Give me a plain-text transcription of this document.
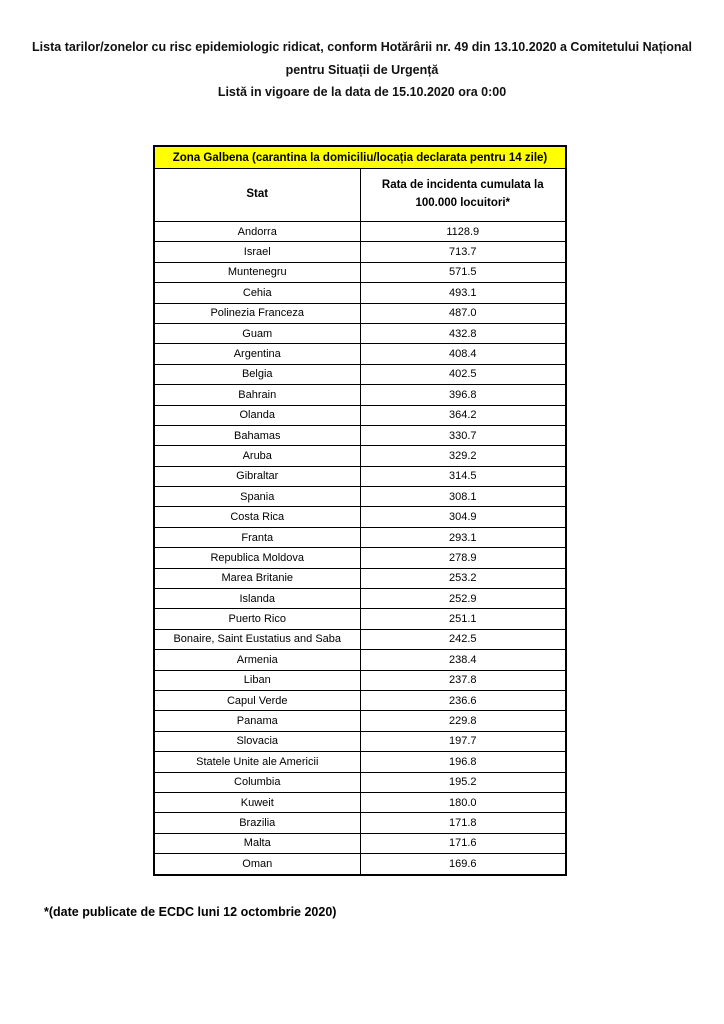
Lista tarilor/zonelor cu risc epidemiologic ridicat, conform Hotărârii nr. 49 din 13.10.2020 a Comitetului Național
pentru Situații de Urgență
Listă in vigoare de la data de 15.10.2020 ora 0:00
Zona Galbena (carantina la domiciliu/locația declarata pentru 14 zile)	
Stat	Rata de incidenta cumulata la 100.000 locuitori*
Andorra	1128.9
Israel	713.7
Muntenegru	571.5
Cehia	493.1
Polinezia Franceza	487.0
Guam	432.8
Argentina	408.4
Belgia	402.5
Bahrain	396.8
Olanda	364.2
Bahamas	330.7
Aruba	329.2
Gibraltar	314.5
Spania	308.1
Costa Rica	304.9
Franta	293.1
Republica Moldova	278.9
Marea Britanie	253.2
Islanda	252.9
Puerto Rico	251.1
Bonaire, Saint Eustatius and Saba	242.5
Armenia	238.4
Liban	237.8
Capul Verde	236.6
Panama	229.8
Slovacia	197.7
Statele Unite ale Americii	196.8
Columbia	195.2
Kuweit	180.0
Brazilia	171.8
Malta	171.6
Oman	169.6
*(date publicate de ECDC luni 12 octombrie 2020)
